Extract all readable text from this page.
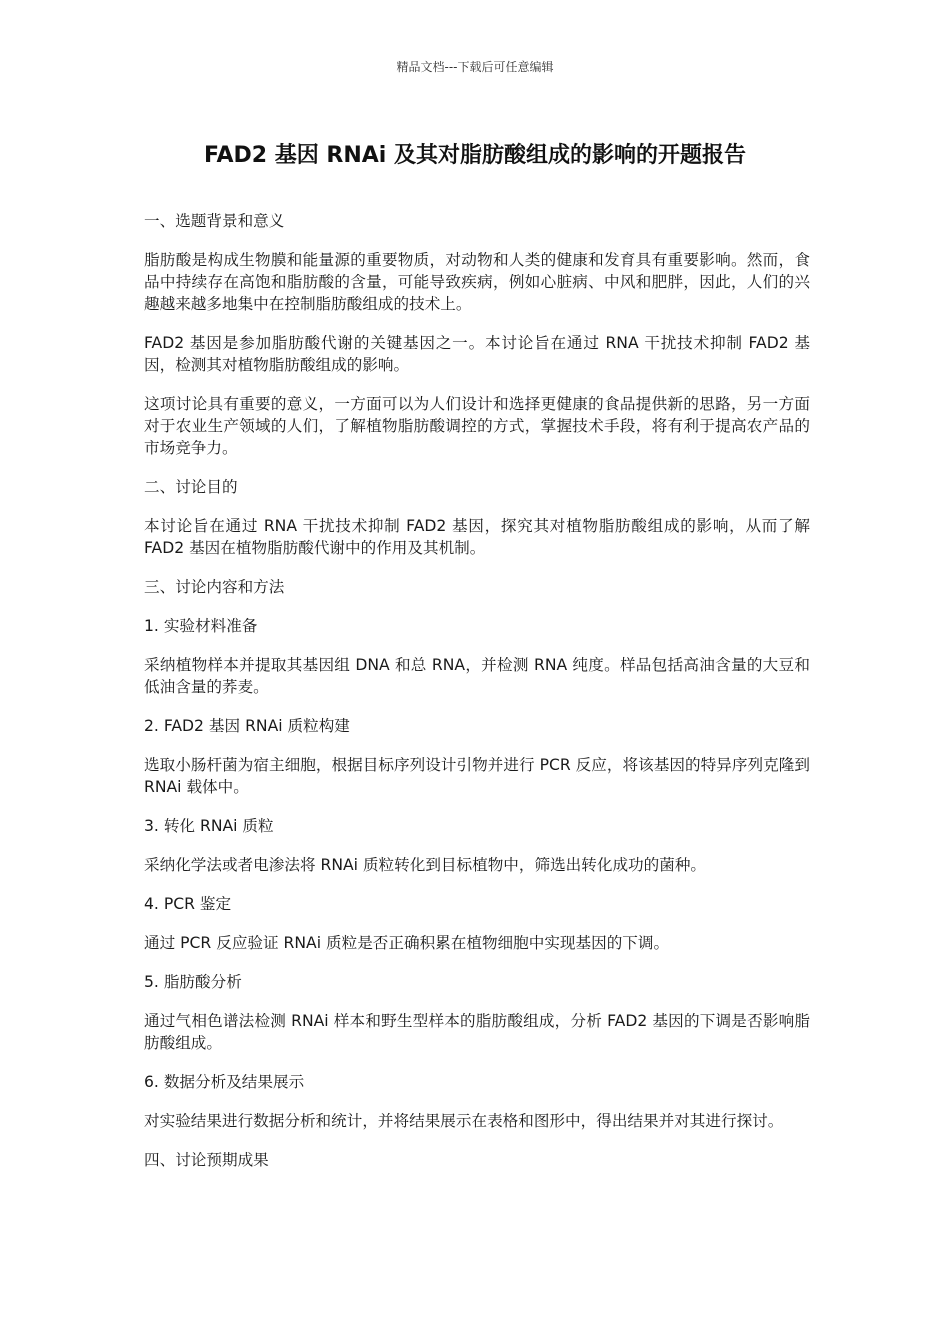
精品文档---下载后可任意编辑
FAD2 基因 RNAi 及其对脂肪酸组成的影响的开题报告
一、选题背景和意义
脂肪酸是构成生物膜和能量源的重要物质，对动物和人类的健康和发育具有重要影响。然而，食品中持续存在高饱和脂肪酸的含量，可能导致疾病，例如心脏病、中风和肥胖，因此，人们的兴趣越来越多地集中在控制脂肪酸组成的技术上。
FAD2 基因是参加脂肪酸代谢的关键基因之一。本讨论旨在通过 RNA 干扰技术抑制 FAD2 基因，检测其对植物脂肪酸组成的影响。
这项讨论具有重要的意义，一方面可以为人们设计和选择更健康的食品提供新的思路，另一方面对于农业生产领域的人们，了解植物脂肪酸调控的方式，掌握技术手段，将有利于提高农产品的市场竞争力。
二、讨论目的
本讨论旨在通过 RNA 干扰技术抑制 FAD2 基因，探究其对植物脂肪酸组成的影响，从而了解 FAD2 基因在植物脂肪酸代谢中的作用及其机制。
三、讨论内容和方法
1. 实验材料准备
采纳植物样本并提取其基因组 DNA 和总 RNA，并检测 RNA 纯度。样品包括高油含量的大豆和低油含量的荞麦。
2. FAD2 基因 RNAi 质粒构建
选取小肠杆菌为宿主细胞，根据目标序列设计引物并进行 PCR 反应，将该基因的特异序列克隆到 RNAi 载体中。
3. 转化 RNAi 质粒
采纳化学法或者电渗法将 RNAi 质粒转化到目标植物中，筛选出转化成功的菌种。
4. PCR 鉴定
通过 PCR 反应验证 RNAi 质粒是否正确积累在植物细胞中实现基因的下调。
5. 脂肪酸分析
通过气相色谱法检测 RNAi 样本和野生型样本的脂肪酸组成，分析 FAD2 基因的下调是否影响脂肪酸组成。
6. 数据分析及结果展示
对实验结果进行数据分析和统计，并将结果展示在表格和图形中，得出结果并对其进行探讨。
四、讨论预期成果
